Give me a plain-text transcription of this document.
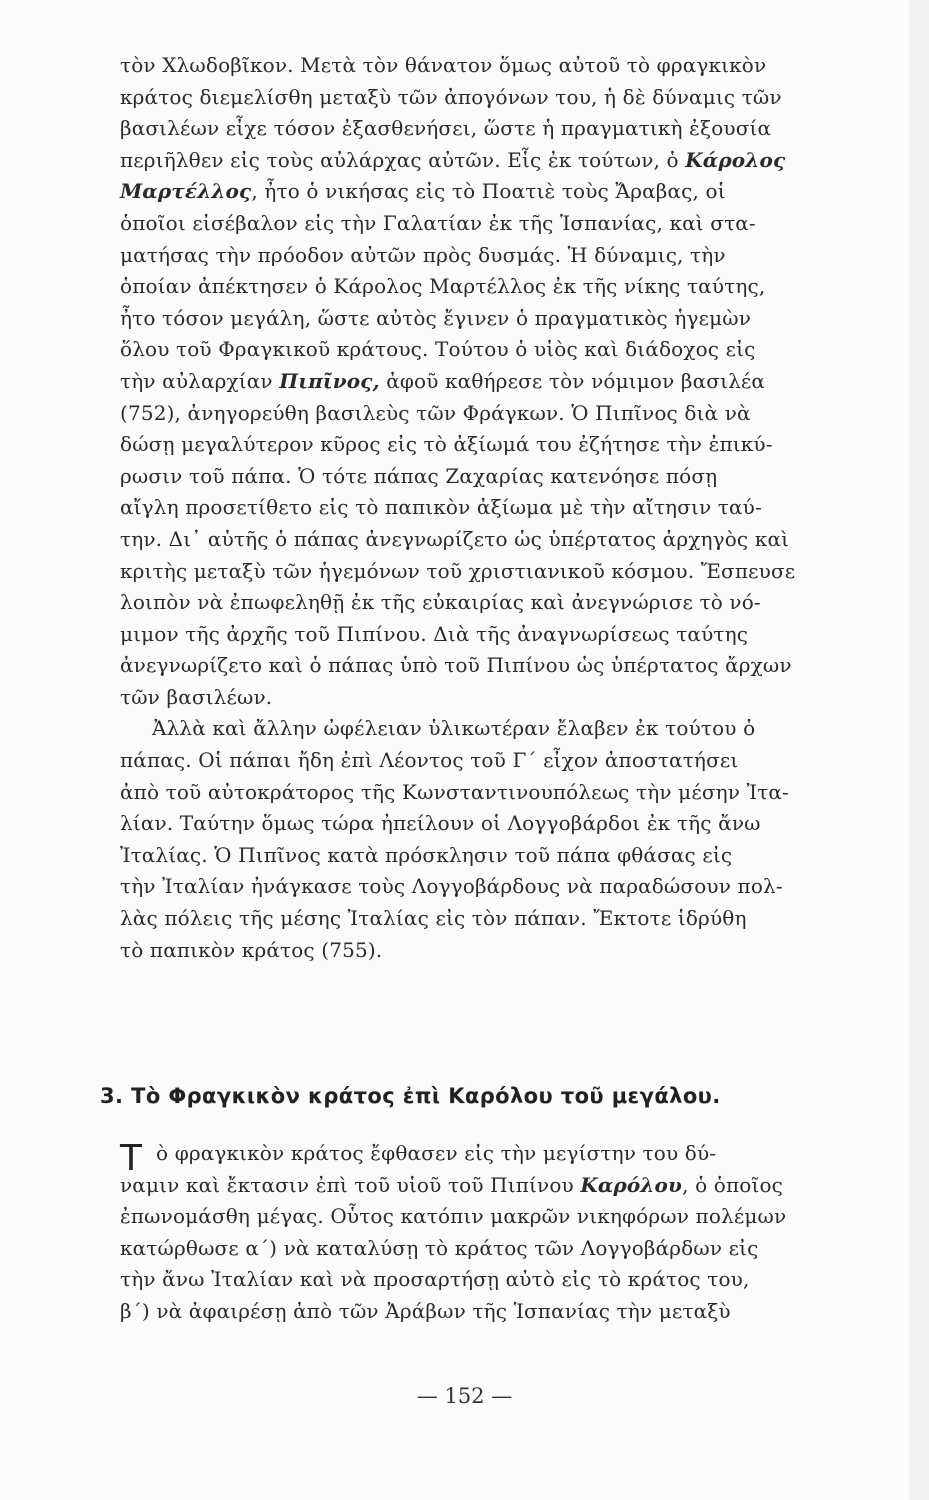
τὸν Χλωδοβῖκον. Μετὰ τὸν θάνατον ὅμως αὐτοῦ τὸ φραγκικὸν
κράτος διεμελίσθη μεταξὺ τῶν ἀπογόνων του, ἡ δὲ δύναμις τῶν
βασιλέων εἶχε τόσον ἐξασθενήσει, ὥστε ἡ πραγματικὴ ἐξουσία
περιῆλθεν εἰς τοὺς αὐλάρχας αὐτῶν. Εἷς ἐκ τούτων, ὁ Κάρολος
Μαρτέλλος, ἦτο ὁ νικήσας εἰς τὸ Ποατιὲ τοὺς Ἄραβας, οἱ
ὁποῖοι εἰσέβαλον εἰς τὴν Γαλατίαν ἐκ τῆς Ἱσπανίας, καὶ στα-
ματήσας τὴν πρόοδον αὐτῶν πρὸς δυσμάς. Ἡ δύναμις, τὴν
ὁποίαν ἀπέκτησεν ὁ Κάρολος Μαρτέλλος ἐκ τῆς νίκης ταύτης,
ἦτο τόσον μεγάλη, ὥστε αὐτὸς ἔγινεν ὁ πραγματικὸς ἡγεμὼν
ὅλου τοῦ Φραγκικοῦ κράτους. Τούτου ὁ υἱὸς καὶ διάδοχος εἰς
τὴν αὐλαρχίαν Πιπῖνος, ἀφοῦ καθήρεσε τὸν νόμιμον βασιλέα
(752), ἀνηγορεύθη βασιλεὺς τῶν Φράγκων. Ὁ Πιπῖνος διὰ νὰ
δώσῃ μεγαλύτερον κῦρος εἰς τὸ ἀξίωμά του ἐζήτησε τὴν ἐπικύ-
ρωσιν τοῦ πάπα. Ὁ τότε πάπας Ζαχαρίας κατενόησε πόσῃ
αἴγλη προσετίθετο εἰς τὸ παπικὸν ἀξίωμα μὲ τὴν αἴτησιν ταύ-
την. Δι᾽ αὐτῆς ὁ πάπας ἀνεγνωρίζετο ὡς ὑπέρτατος ἀρχηγὸς καὶ
κριτὴς μεταξὺ τῶν ἡγεμόνων τοῦ χριστιανικοῦ κόσμου. Ἔσπευσε
λοιπὸν νὰ ἐπωφεληθῇ ἐκ τῆς εὐκαιρίας καὶ ἀνεγνώρισε τὸ νό-
μιμον τῆς ἀρχῆς τοῦ Πιπίνου. Διὰ τῆς ἀναγνωρίσεως ταύτης
ἀνεγνωρίζετο καὶ ὁ πάπας ὑπὸ τοῦ Πιπίνου ὡς ὑπέρτατος ἄρχων
τῶν βασιλέων.
Ἀλλὰ καὶ ἄλλην ὠφέλειαν ὑλικωτέραν ἔλαβεν ἐκ τούτου ὁ
πάπας. Οἱ πάπαι ἤδη ἐπὶ Λέοντος τοῦ Γ΄ εἶχον ἀποστατήσει
ἀπὸ τοῦ αὐτοκράτορος τῆς Κωνσταντινουπόλεως τὴν μέσην Ἰτα-
λίαν. Ταύτην ὅμως τώρα ἠπείλουν οἱ Λογγοβάρδοι ἐκ τῆς ἄνω
Ἰταλίας. Ὁ Πιπῖνος κατὰ πρόσκλησιν τοῦ πάπα φθάσας εἰς
τὴν Ἰταλίαν ἠνάγκασε τοὺς Λογγοβάρδους νὰ παραδώσουν πολ-
λὰς πόλεις τῆς μέσης Ἰταλίας εἰς τὸν πάπαν. Ἔκτοτε ἱδρύθη
τὸ παπικὸν κράτος (755).
3. Τὸ Φραγκικὸν κράτος ἐπὶ Καρόλου τοῦ μεγάλου.
Τ ὸ φραγκικὸν κράτος ἔφθασεν εἰς τὴν μεγίστην του δύ-
ναμιν καὶ ἔκτασιν ἐπὶ τοῦ υἱοῦ τοῦ Πιπίνου Καρόλου, ὁ ὁποῖος
ἐπωνομάσθη μέγας. Οὗτος κατόπιν μακρῶν νικηφόρων πολέμων
κατώρθωσε α΄) νὰ καταλύσῃ τὸ κράτος τῶν Λογγοβάρδων εἰς
τὴν ἄνω Ἰταλίαν καὶ νὰ προσαρτήσῃ αὐτὸ εἰς τὸ κράτος του,
β΄) νὰ ἀφαιρέσῃ ἀπὸ τῶν Ἀράβων τῆς Ἱσπανίας τὴν μεταξὺ
— 152 —
